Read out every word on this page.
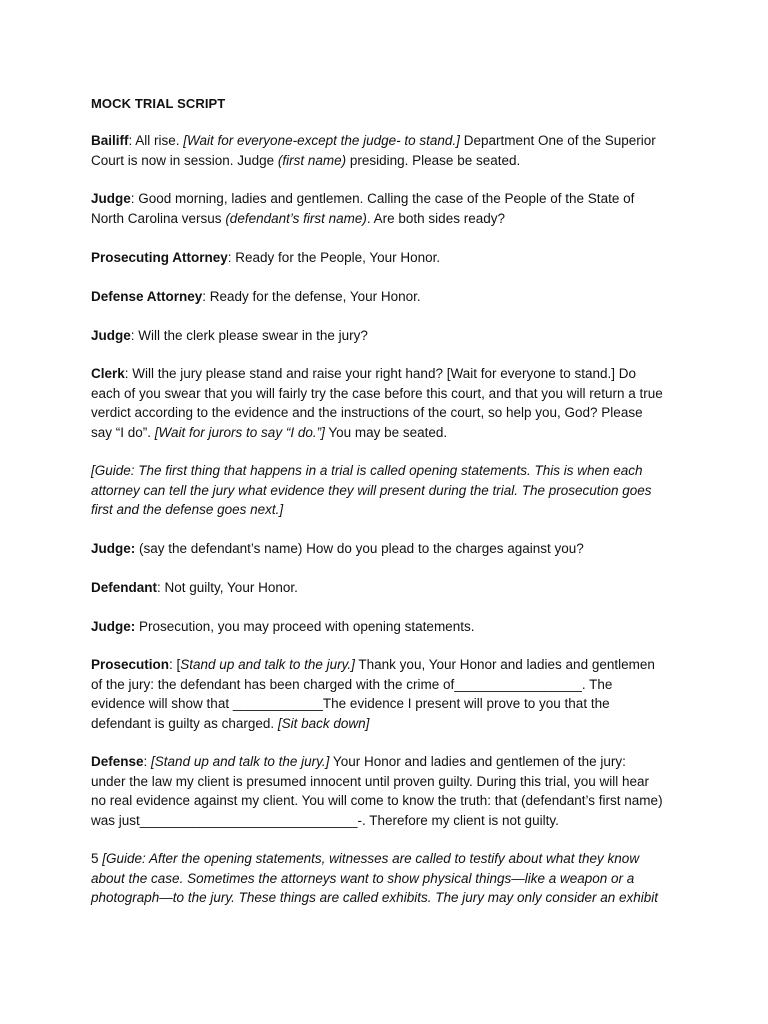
MOCK TRIAL SCRIPT
Bailiff: All rise. [Wait for everyone-except the judge- to stand.] Department One of the Superior
Court is now in session. Judge (first name) presiding. Please be seated.
Judge: Good morning, ladies and gentlemen. Calling the case of the People of the State of
North Carolina versus (defendant’s first name). Are both sides ready?
Prosecuting Attorney: Ready for the People, Your Honor.
Defense Attorney: Ready for the defense, Your Honor.
Judge: Will the clerk please swear in the jury?
Clerk: Will the jury please stand and raise your right hand? [Wait for everyone to stand.] Do
each of you swear that you will fairly try the case before this court, and that you will return a true
verdict according to the evidence and the instructions of the court, so help you, God? Please
say “I do”. [Wait for jurors to say “I do.”] You may be seated.
[Guide: The first thing that happens in a trial is called opening statements. This is when each
attorney can tell the jury what evidence they will present during the trial. The prosecution goes
first and the defense goes next.]
Judge: (say the defendant’s name) How do you plead to the charges against you?
Defendant: Not guilty, Your Honor.
Judge: Prosecution, you may proceed with opening statements.
Prosecution: [Stand up and talk to the jury.] Thank you, Your Honor and ladies and gentlemen
of the jury: the defendant has been charged with the crime of_________________. The
evidence will show that ____________The evidence I present will prove to you that the
defendant is guilty as charged. [Sit back down]
Defense: [Stand up and talk to the jury.] Your Honor and ladies and gentlemen of the jury:
under the law my client is presumed innocent until proven guilty. During this trial, you will hear
no real evidence against my client. You will come to know the truth: that (defendant’s first name)
was just_____________________________-. Therefore my client is not guilty.
5 [Guide: After the opening statements, witnesses are called to testify about what they know
about the case. Sometimes the attorneys want to show physical things—like a weapon or a
photograph—to the jury. These things are called exhibits. The jury may only consider an exhibit
